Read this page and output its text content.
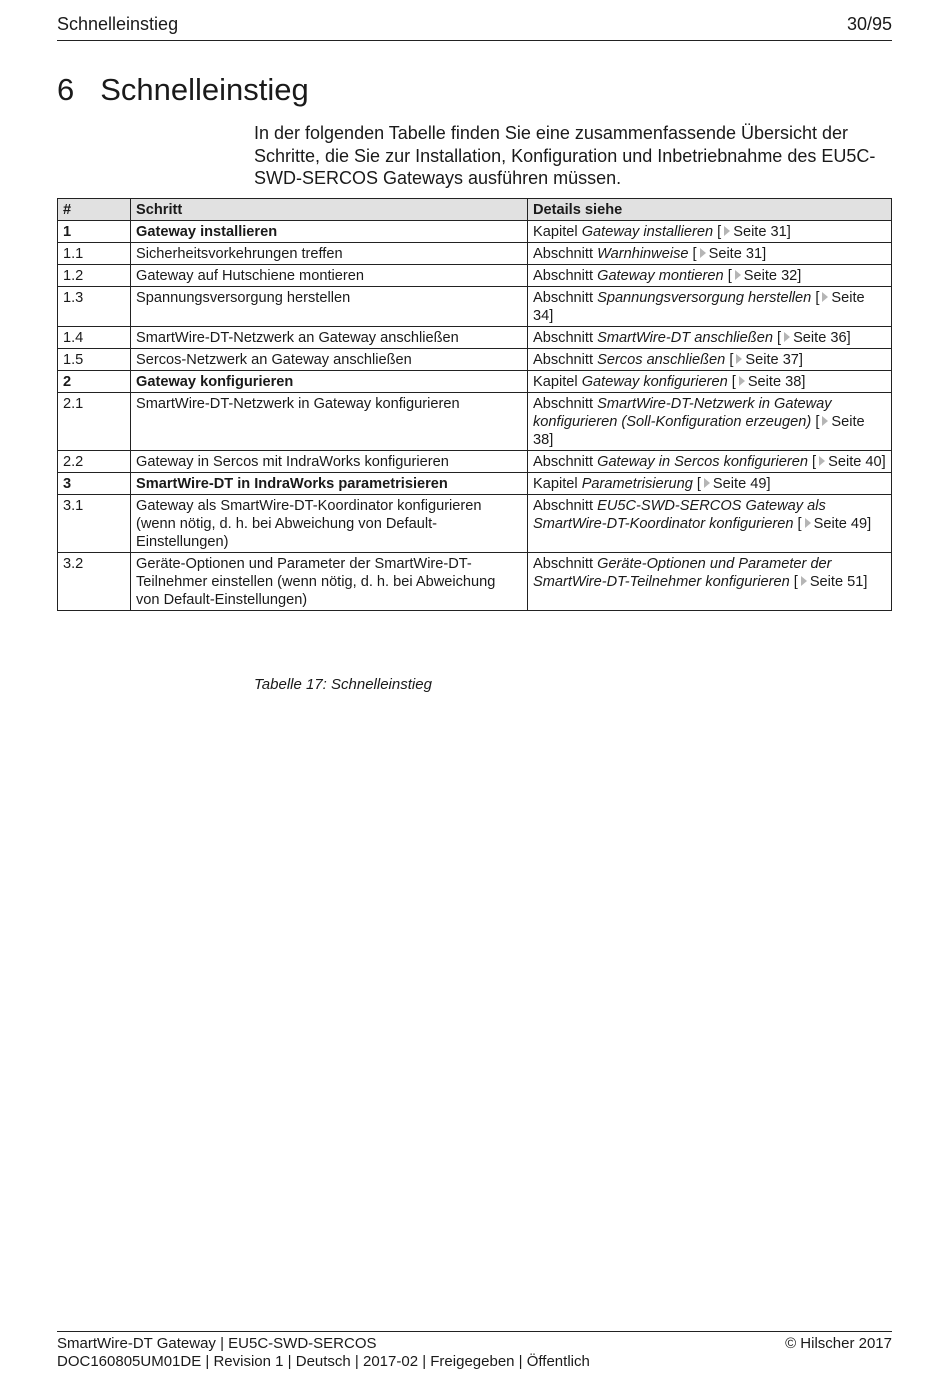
Schnelleinstieg	30/95
6 Schnelleinstieg

In der folgenden Tabelle finden Sie eine zusammenfassende Übersicht der Schritte, die Sie zur Installation, Konfiguration und Inbetriebnahme des EU5C-SWD-SERCOS Gateways ausführen müssen.

#	Schritt	Details siehe
1	Gateway installieren	Kapitel Gateway installieren [ Seite 31]
1.1	Sicherheitsvorkehrungen treffen	Abschnitt Warnhinweise [ Seite 31]
1.2	Gateway auf Hutschiene montieren	Abschnitt Gateway montieren [ Seite 32]
1.3	Spannungsversorgung herstellen	Abschnitt Spannungsversorgung herstellen [ Seite 34]
1.4	SmartWire-DT-Netzwerk an Gateway anschließen	Abschnitt SmartWire-DT anschließen [ Seite 36]
1.5	Sercos-Netzwerk an Gateway anschließen	Abschnitt Sercos anschließen [ Seite 37]
2	Gateway konfigurieren	Kapitel Gateway konfigurieren [ Seite 38]
2.1	SmartWire-DT-Netzwerk in Gateway konfigurieren	Abschnitt SmartWire-DT-Netzwerk in Gateway konfigurieren (Soll-Konfiguration erzeugen) [ Seite 38]
2.2	Gateway in Sercos mit IndraWorks konfigurieren	Abschnitt Gateway in Sercos konfigurieren [ Seite 40]
3	SmartWire-DT in IndraWorks parametrisieren	Kapitel Parametrisierung [ Seite 49]
3.1	Gateway als SmartWire-DT-Koordinator konfigurieren (wenn nötig, d. h. bei Abweichung von Default-Einstellungen)	Abschnitt EU5C-SWD-SERCOS Gateway als SmartWire-DT-Koordinator konfigurieren [ Seite 49]
3.2	Geräte-Optionen und Parameter der SmartWire-DT-Teilnehmer einstellen (wenn nötig, d. h. bei Abweichung von Default-Einstellungen)	Abschnitt Geräte-Optionen und Parameter der SmartWire-DT-Teilnehmer konfigurieren [ Seite 51]
Tabelle 17: Schnelleinstieg
SmartWire-DT Gateway | EU5C-SWD-SERCOS	© Hilscher 2017
DOC160805UM01DE | Revision 1 | Deutsch | 2017-02 | Freigegeben | Öffentlich
